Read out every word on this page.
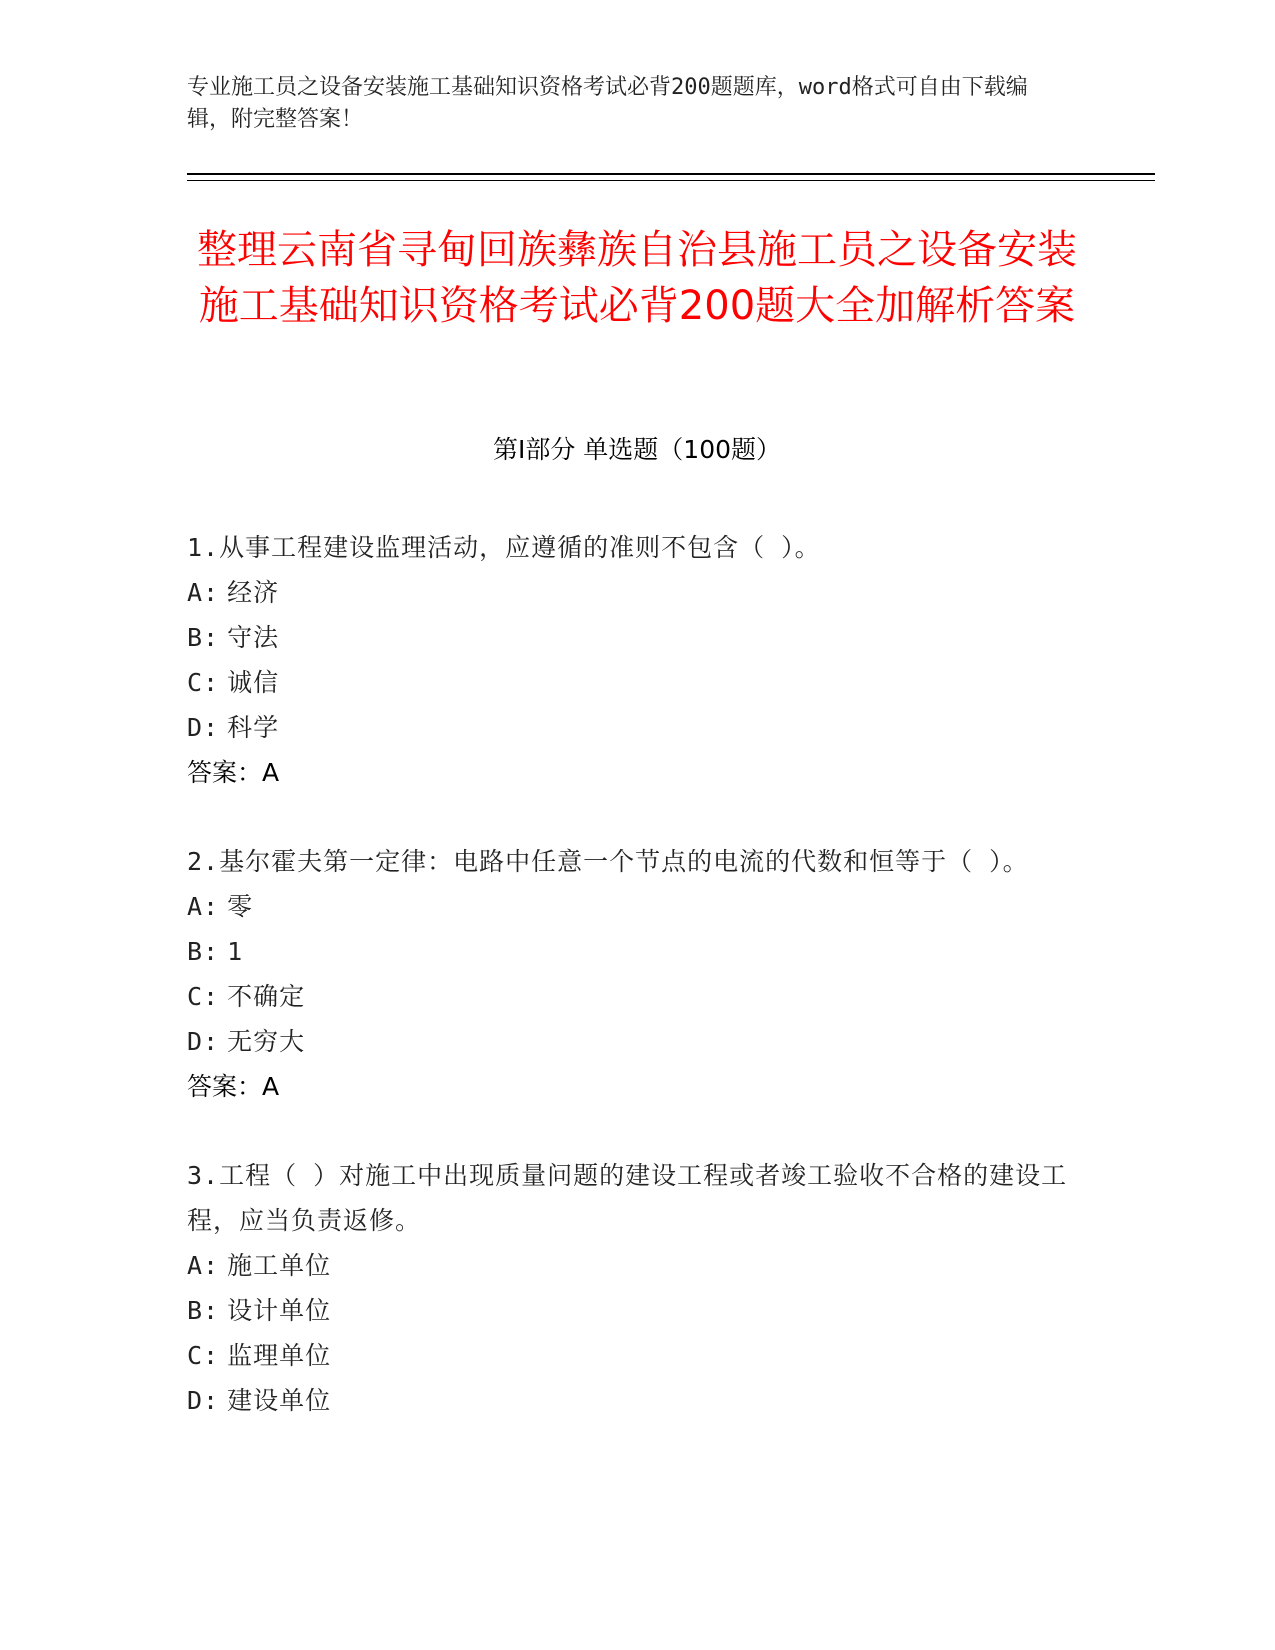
专业施工员之设备安装施工基础知识资格考试必背200题题库，word格式可自由下载编辑，附完整答案！
整理云南省寻甸回族彝族自治县施工员之设备安装施工基础知识资格考试必背200题大全加解析答案
第I部分 单选题（100题）
1.从事工程建设监理活动，应遵循的准则不包含（ ）。
A: 经济
B: 守法
C: 诚信
D: 科学
答案：A
2.基尔霍夫第一定律：电路中任意一个节点的电流的代数和恒等于（ ）。
A: 零
B: 1
C: 不确定
D: 无穷大
答案：A
3.工程（ ）对施工中出现质量问题的建设工程或者竣工验收不合格的建设工程，应当负责返修。
A: 施工单位
B: 设计单位
C: 监理单位
D: 建设单位
